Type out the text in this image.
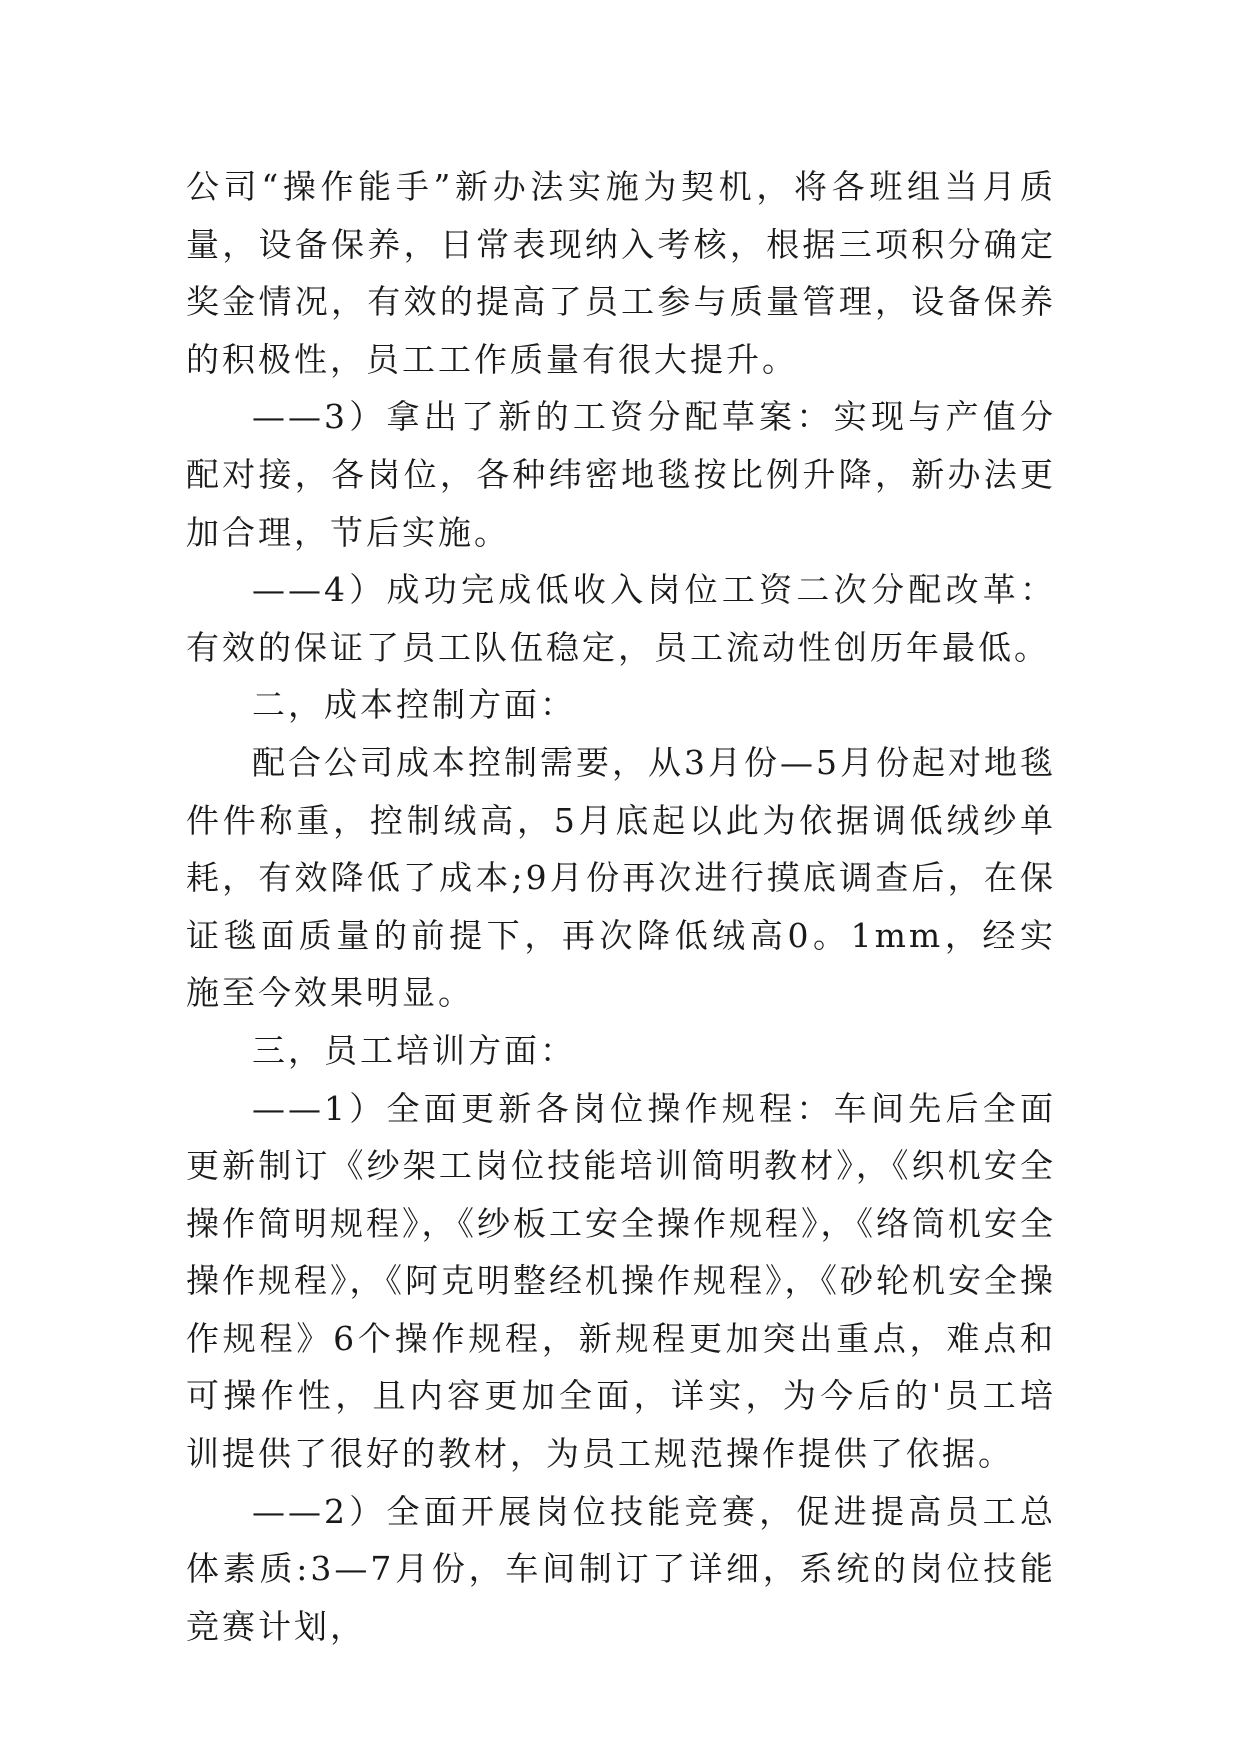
公司“操作能手”新办法实施为契机，将各班组当月质量，设备保养，日常表现纳入考核，根据三项积分确定奖金情况，有效的提高了员工参与质量管理，设备保养的积极性，员工工作质量有很大提升。

——3）拿出了新的工资分配草案：实现与产值分配对接，各岗位，各种纬密地毯按比例升降，新办法更加合理，节后实施。

——4）成功完成低收入岗位工资二次分配改革：有效的保证了员工队伍稳定，员工流动性创历年最低。

二，成本控制方面：

配合公司成本控制需要，从3月份—5月份起对地毯件件称重，控制绒高，5月底起以此为依据调低绒纱单耗，有效降低了成本;9月份再次进行摸底调查后，在保证毯面质量的前提下，再次降低绒高0。1mm，经实施至今效果明显。

三，员工培训方面：

——1）全面更新各岗位操作规程：车间先后全面更新制订《纱架工岗位技能培训简明教材》，《织机安全操作简明规程》，《纱板工安全操作规程》，《络筒机安全操作规程》，《阿克明整经机操作规程》，《砂轮机安全操作规程》6个操作规程，新规程更加突出重点，难点和可操作性，且内容更加全面，详实，为今后的'员工培训提供了很好的教材，为员工规范操作提供了依据。

——2）全面开展岗位技能竞赛，促进提高员工总体素质:3—7月份，车间制订了详细，系统的岗位技能竞赛计划，
